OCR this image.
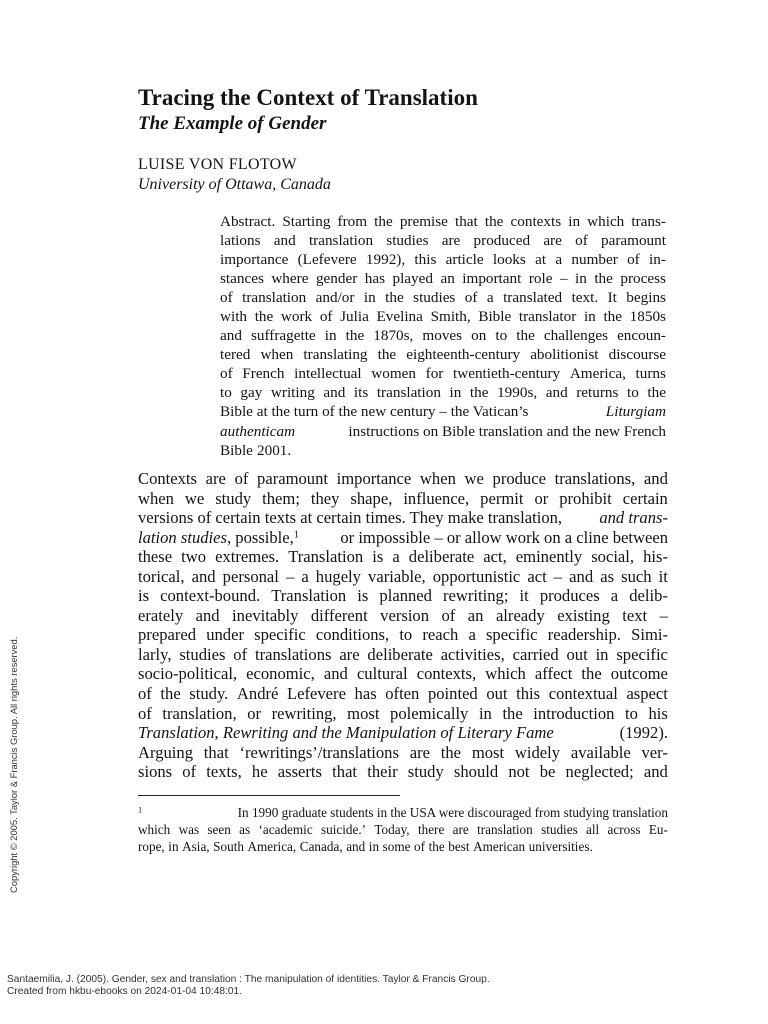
Tracing the Context of Translation
The Example of Gender
LUISE VON FLOTOW
University of Ottawa, Canada
Abstract. Starting from the premise that the contexts in which trans-
lations and translation studies are produced are of paramount
importance (Lefevere 1992), this article looks at a number of in-
stances where gender has played an important role – in the process
of translation and/or in the studies of a translated text. It begins
with the work of Julia Evelina Smith, Bible translator in the 1850s
and suffragette in the 1870s, moves on to the challenges encoun-
tered when translating the eighteenth-century abolitionist discourse
of French intellectual women for twentieth-century America, turns
to gay writing and its translation in the 1990s, and returns to the
Bible at the turn of the new century – the Vatican’s	Liturgiam
authenticam	instructions on Bible translation and the new French
Bible 2001.
Contexts are of paramount importance when we produce translations, and
when we study them; they shape, influence, permit or prohibit certain
versions of certain texts at certain times. They make translation, and trans-
lation studies, possible,$^1$ or impossible – or allow work on a cline between
these two extremes. Translation is a deliberate act, eminently social, his-
torical, and personal – a hugely variable, opportunistic act – and as such it
is context-bound. Translation is planned rewriting; it produces a delib-
erately and inevitably different version of an already existing text –
prepared under specific conditions, to reach a specific readership. Simi-
larly, studies of translations are deliberate activities, carried out in specific
socio-political, economic, and cultural contexts, which affect the outcome
of the study. André Lefevere has often pointed out this contextual aspect
of translation, or rewriting, most polemically in the introduction to his
Translation, Rewriting and the Manipulation of Literary Fame	(1992).
Arguing that ‘rewritings’/translations are the most widely available ver-
sions of texts, he asserts that their study should not be neglected; and
$^1$	In 1990 graduate students in the USA were discouraged from studying translation
which was seen as ‘academic suicide.’ Today, there are translation studies all across Eu-
rope, in Asia, South America, Canada, and in some of the best American universities.
Copyright © 2005. Taylor & Francis Group. All rights reserved.
Santaemilia, J. (2005). Gender, sex and translation : The manipulation of identities. Taylor & Francis Group.
Created from hkbu-ebooks on 2024-01-04 10:48:01.
